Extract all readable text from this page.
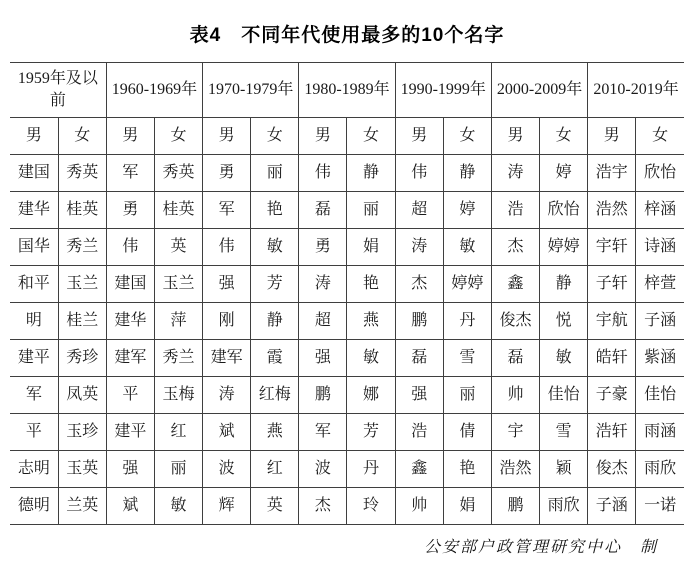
表4　不同年代使用最多的10个名字
1959年及以前		1960-1969年		1970-1979年		1980-1989年		1990-1999年		2000-2009年		2010-2019年	
男	女	男	女	男	女	男	女	男	女	男	女	男	女
建国	秀英	军	秀英	勇	丽	伟	静	伟	静	涛	婷	浩宇	欣怡
建华	桂英	勇	桂英	军	艳	磊	丽	超	婷	浩	欣怡	浩然	梓涵
国华	秀兰	伟	英	伟	敏	勇	娟	涛	敏	杰	婷婷	宇轩	诗涵
和平	玉兰	建国	玉兰	强	芳	涛	艳	杰	婷婷	鑫	静	子轩	梓萱
明	桂兰	建华	萍	刚	静	超	燕	鹏	丹	俊杰	悦	宇航	子涵
建平	秀珍	建军	秀兰	建军	霞	强	敏	磊	雪	磊	敏	皓轩	紫涵
军	凤英	平	玉梅	涛	红梅	鹏	娜	强	丽	帅	佳怡	子豪	佳怡
平	玉珍	建平	红	斌	燕	军	芳	浩	倩	宇	雪	浩轩	雨涵
志明	玉英	强	丽	波	红	波	丹	鑫	艳	浩然	颖	俊杰	雨欣
德明	兰英	斌	敏	辉	英	杰	玲	帅	娟	鹏	雨欣	子涵	一诺
公安部户政管理研究中心　制
